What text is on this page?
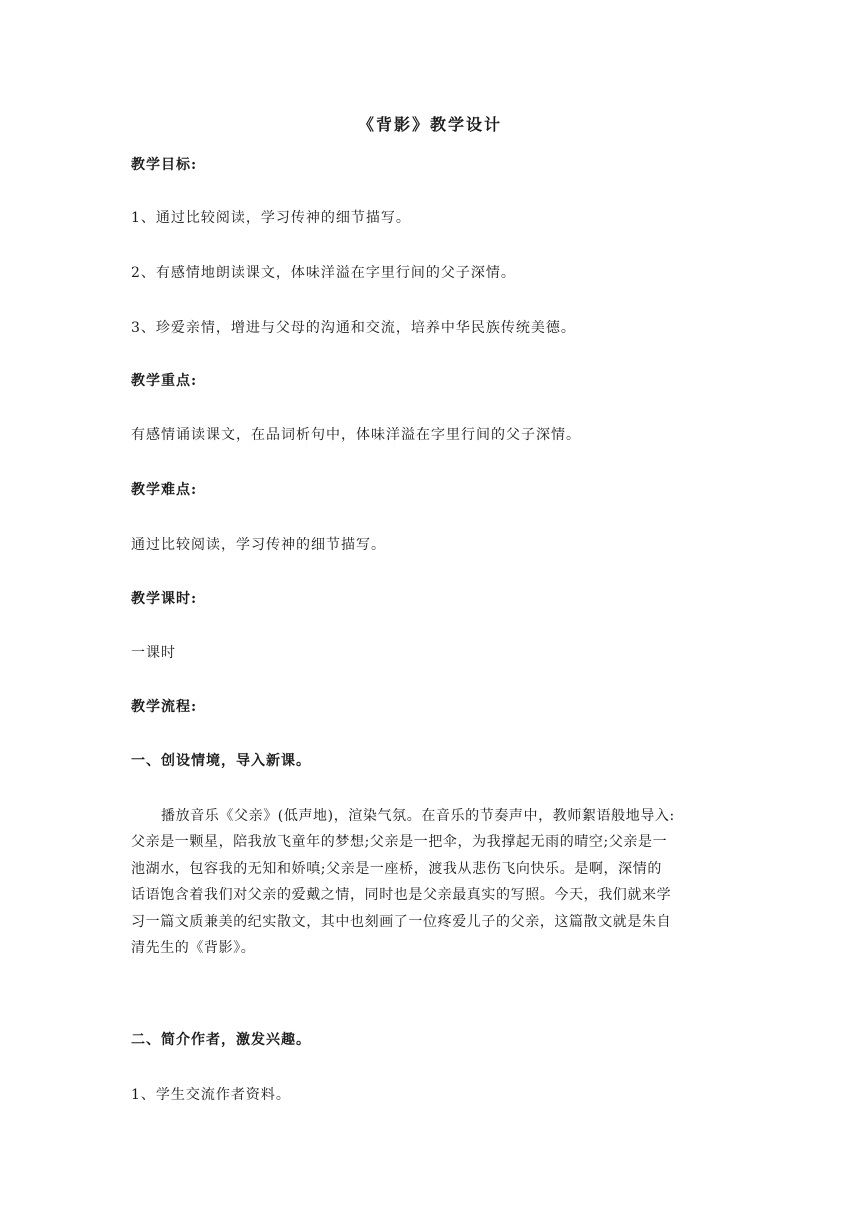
《背影》教学设计
教学目标:
1、通过比较阅读，学习传神的细节描写。
2、有感情地朗读课文，体味洋溢在字里行间的父子深情。
3、珍爱亲情，增进与父母的沟通和交流，培养中华民族传统美德。
教学重点:
有感情诵读课文，在品词析句中，体味洋溢在字里行间的父子深情。
教学难点:
通过比较阅读，学习传神的细节描写。
教学课时:
一课时
教学流程:
一、创设情境，导入新课。
播放音乐《父亲》(低声地)，渲染气氛。在音乐的节奏声中，教师絮语般地导入:
父亲是一颗星，陪我放飞童年的梦想;父亲是一把伞，为我撑起无雨的晴空;父亲是一
池湖水，包容我的无知和娇嗔;父亲是一座桥，渡我从悲伤飞向快乐。是啊，深情的
话语饱含着我们对父亲的爱戴之情，同时也是父亲最真实的写照。今天，我们就来学
习一篇文质兼美的纪实散文，其中也刻画了一位疼爱儿子的父亲，这篇散文就是朱自
清先生的《背影》。
二、简介作者，激发兴趣。
1、学生交流作者资料。
